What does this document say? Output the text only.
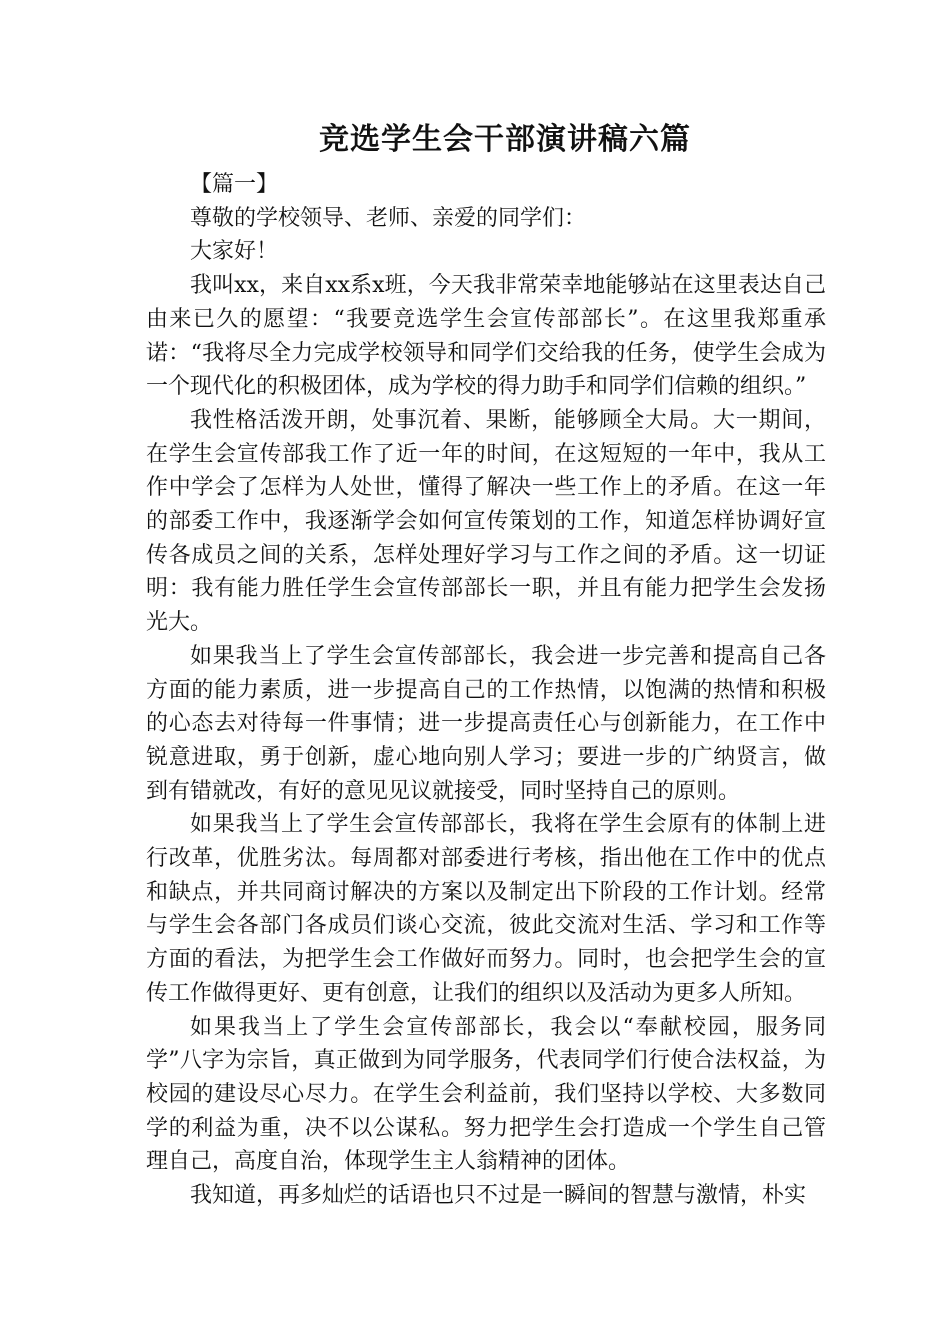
竞选学生会干部演讲稿六篇

【篇一】

尊敬的学校领导、老师、亲爱的同学们：

大家好！

我叫xx，来自xx系x班，今天我非常荣幸地能够站在这里表达自己由来已久的愿望：“我要竞选学生会宣传部部长”。在这里我郑重承诺：“我将尽全力完成学校领导和同学们交给我的任务，使学生会成为一个现代化的积极团体，成为学校的得力助手和同学们信赖的组织。”

我性格活泼开朗，处事沉着、果断，能够顾全大局。大一期间，在学生会宣传部我工作了近一年的时间，在这短短的一年中，我从工作中学会了怎样为人处世，懂得了解决一些工作上的矛盾。在这一年的部委工作中，我逐渐学会如何宣传策划的工作，知道怎样协调好宣传各成员之间的关系，怎样处理好学习与工作之间的矛盾。这一切证明：我有能力胜任学生会宣传部部长一职，并且有能力把学生会发扬光大。

如果我当上了学生会宣传部部长，我会进一步完善和提高自己各方面的能力素质，进一步提高自己的工作热情，以饱满的热情和积极的心态去对待每一件事情；进一步提高责任心与创新能力，在工作中锐意进取，勇于创新，虚心地向别人学习；要进一步的广纳贤言，做到有错就改，有好的意见见议就接受，同时坚持自己的原则。

如果我当上了学生会宣传部部长，我将在学生会原有的体制上进行改革，优胜劣汰。每周都对部委进行考核，指出他在工作中的优点和缺点，并共同商讨解决的方案以及制定出下阶段的工作计划。经常与学生会各部门各成员们谈心交流，彼此交流对生活、学习和工作等方面的看法，为把学生会工作做好而努力。同时，也会把学生会的宣传工作做得更好、更有创意，让我们的组织以及活动为更多人所知。

如果我当上了学生会宣传部部长，我会以“奉献校园，服务同学”八字为宗旨，真正做到为同学服务，代表同学们行使合法权益，为校园的建设尽心尽力。在学生会利益前，我们坚持以学校、大多数同学的利益为重，决不以公谋私。努力把学生会打造成一个学生自己管理自己，高度自治，体现学生主人翁精神的团体。

我知道，再多灿烂的话语也只不过是一瞬间的智慧与激情，朴实
